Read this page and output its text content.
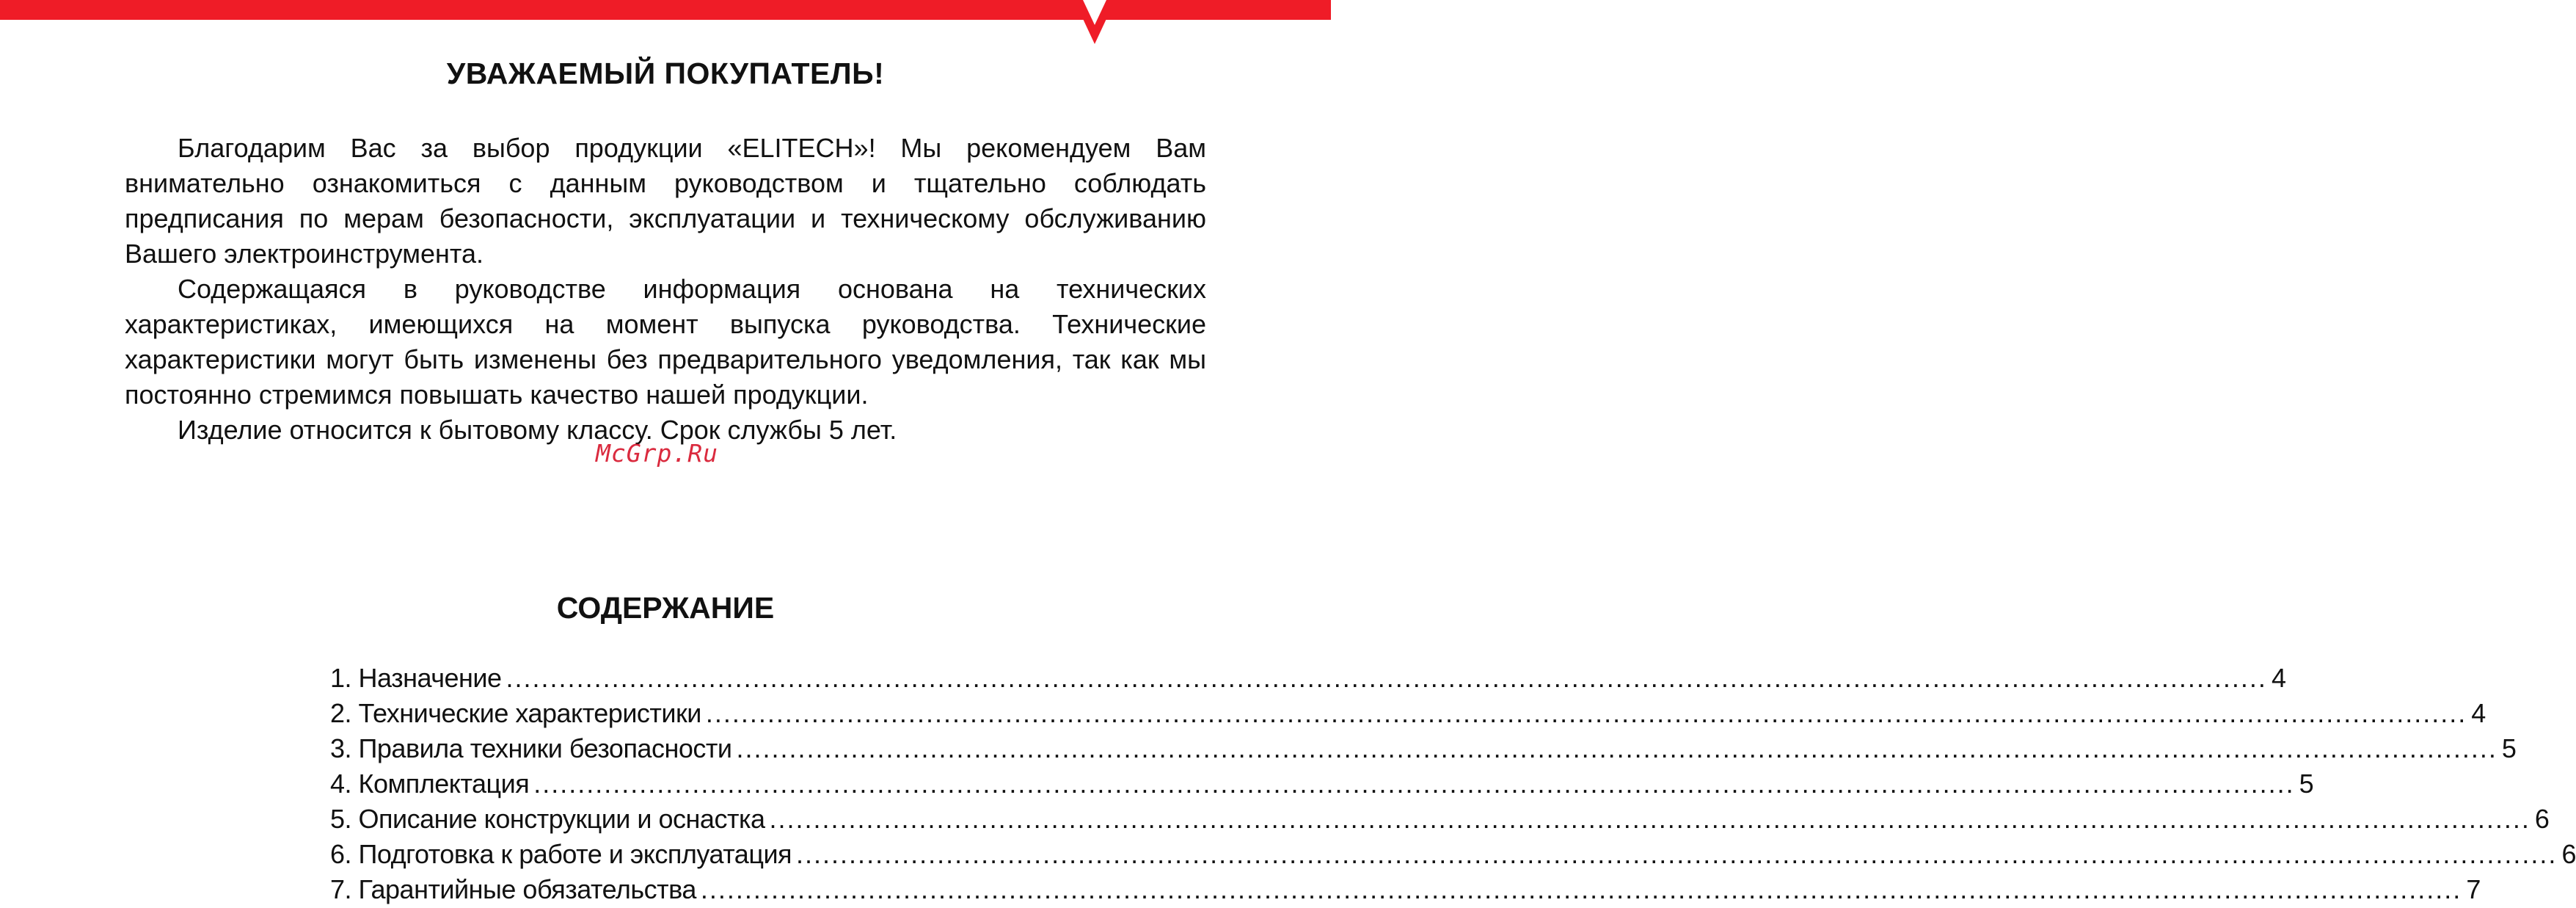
УВАЖАЕМЫЙ ПОКУПАТЕЛЬ!

Благодарим Вас за выбор продукции «ELITECH»! Мы рекомендуем Вам внимательно ознакомиться с данным руководством и тщательно соблюдать предписания по мерам безопасности, эксплуатации и техническому обслуживанию Вашего электроинструмента.

Содержащаяся в руководстве информация основана на технических характеристиках, имеющихся на момент выпуска руководства. Технические характеристики могут быть изменены без предварительного уведомления, так как мы постоянно стремимся повышать качество нашей продукции.

Изделие относится к бытовому классу. Срок службы 5 лет.

McGrp.Ru
СОДЕРЖАНИЕ
1. Назначение ........................................................................................................................................................................................................ 4
2. Технические характеристики ........................................................................................................................................................................................................ 4
3. Правила техники безопасности ........................................................................................................................................................................................................ 5
4. Комплектация ........................................................................................................................................................................................................ 5
5. Описание конструкции и оснастка ........................................................................................................................................................................................................ 6
6. Подготовка к работе и эксплуатация ........................................................................................................................................................................................................ 6
7. Гарантийные обязательства ........................................................................................................................................................................................................ 7
